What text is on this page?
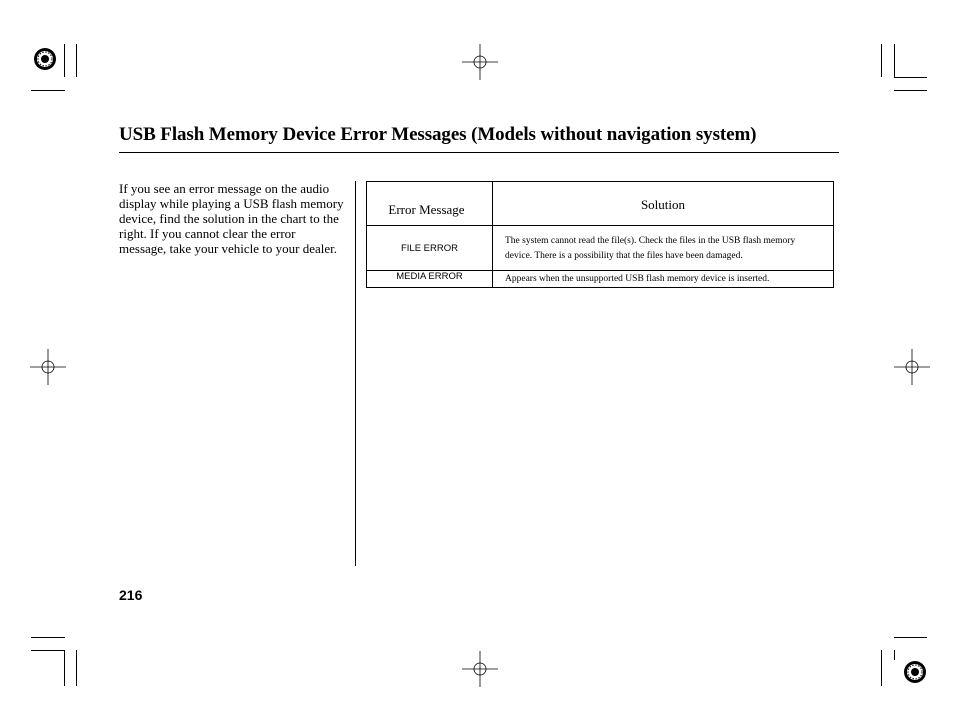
USB Flash Memory Device Error Messages (Models without navigation system)
If you see an error message on the audio display while playing a USB flash memory device, find the solution in the chart to the right. If you cannot clear the error message, take your vehicle to your dealer.
Error Message	Solution

FILE ERROR	The system cannot read the file(s). Check the files in the USB flash memory device. There is a possibility that the files have been damaged.
MEDIA ERROR	Appears when the unsupported USB flash memory device is inserted.
216
